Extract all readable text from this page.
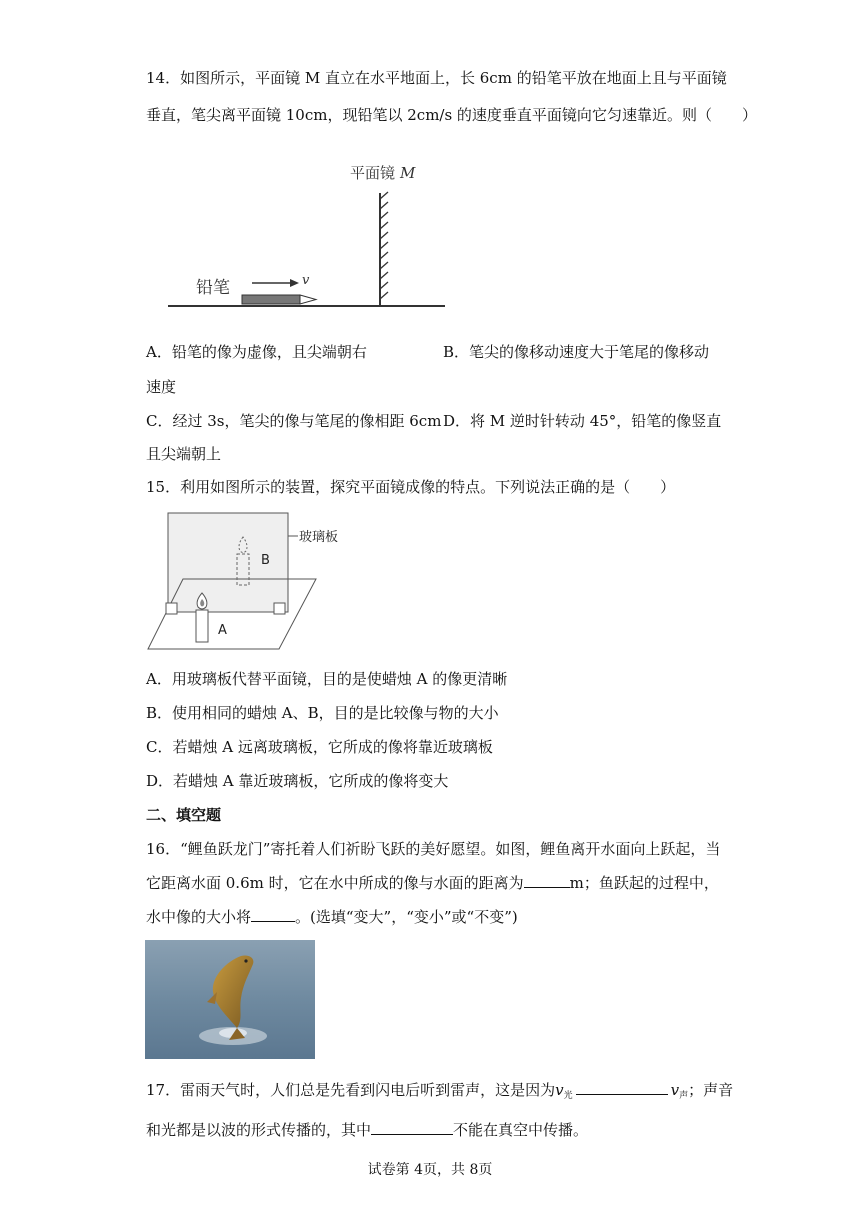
14．如图所示，平面镜 M 直立在水平地面上，长 6cm 的铅笔平放在地面上且与平面镜
垂直，笔尖离平面镜 10cm，现铅笔以 2cm/s 的速度垂直平面镜向它匀速靠近。则（　　）
v
铅笔
平面镜 M
A．铅笔的像为虚像，且尖端朝右	B．笔尖的像移动速度大于笔尾的像移动
速度
C．经过 3s，笔尖的像与笔尾的像相距 6cm D．将 M 逆时针转动 45°，铅笔的像竖直
且尖端朝上
15．利用如图所示的装置，探究平面镜成像的特点。下列说法正确的是（　　）
玻璃板
B
A
A．用玻璃板代替平面镜，目的是使蜡烛 A 的像更清晰
B．使用相同的蜡烛 A、B，目的是比较像与物的大小
C．若蜡烛 A 远离玻璃板，它所成的像将靠近玻璃板
D．若蜡烛 A 靠近玻璃板，它所成的像将变大
二、填空题
16．“鲤鱼跃龙门”寄托着人们祈盼飞跃的美好愿望。如图，鲤鱼离开水面向上跃起，当
它距离水面 0.6m 时，它在水中所成的像与水面的距离为	m；鱼跃起的过程中，
水中像的大小将	。(选填“变大”，“变小”或“不变”)
17．雷雨天气时，人们总是先看到闪电后听到雷声，这是因为$v_光$	$v_声$；声音
和光都是以波的形式传播的，其中	不能在真空中传播。
试卷第 4页，共 8页
